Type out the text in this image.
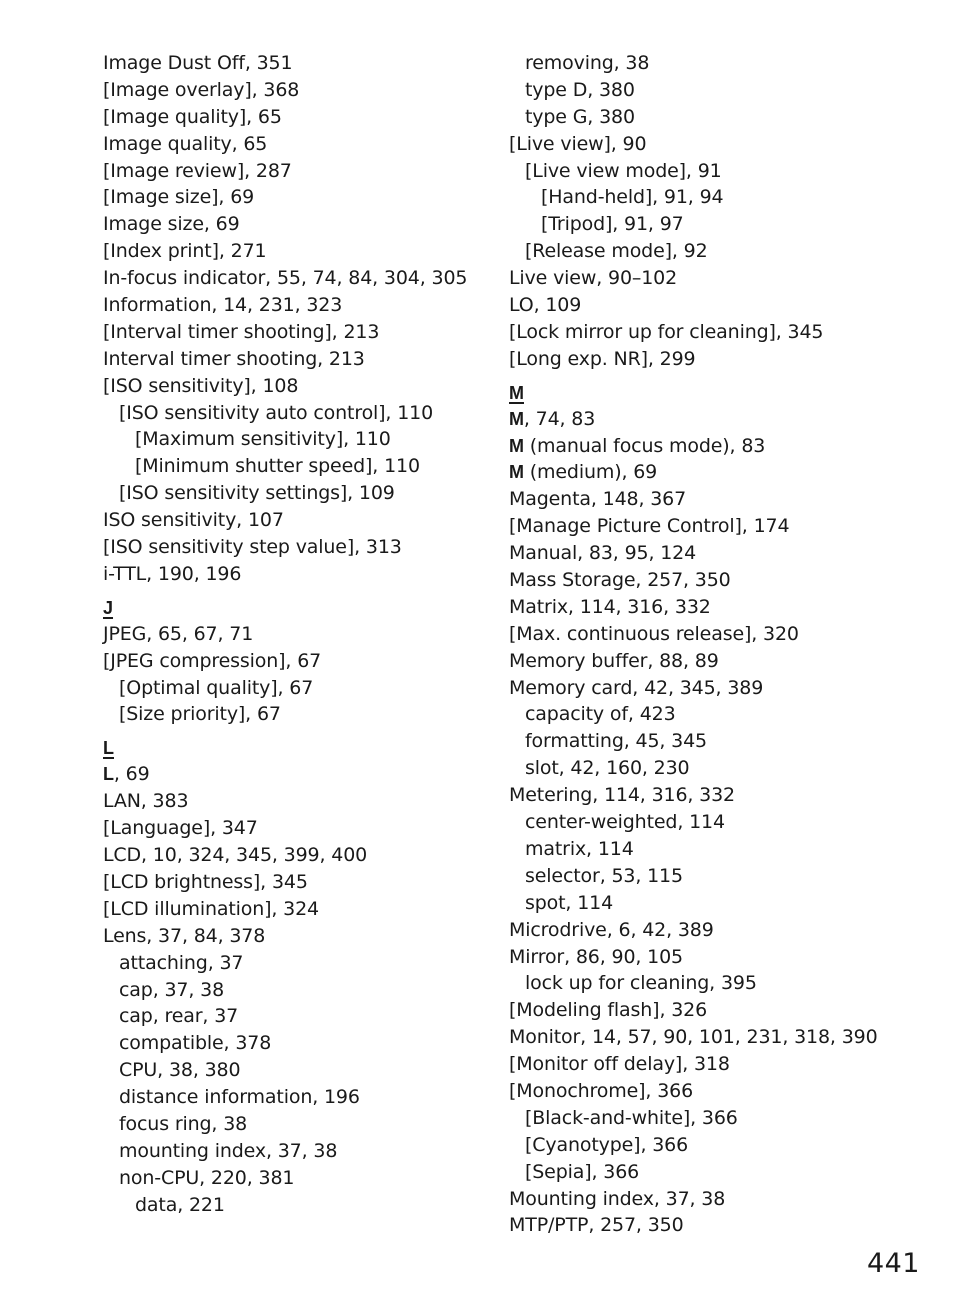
Image Dust Off, 351
[Image overlay], 368
[Image quality], 65
Image quality, 65
[Image review], 287
[Image size], 69
Image size, 69
[Index print], 271
In-focus indicator, 55, 74, 84, 304, 305
Information, 14, 231, 323
[Interval timer shooting], 213
Interval timer shooting, 213
[ISO sensitivity], 108
[ISO sensitivity auto control], 110
[Maximum sensitivity], 110
[Minimum shutter speed], 110
[ISO sensitivity settings], 109
ISO sensitivity, 107
[ISO sensitivity step value], 313
i-TTL, 190, 196
J
JPEG, 65, 67, 71
[JPEG compression], 67
[Optimal quality], 67
[Size priority], 67
L
L, 69
LAN, 383
[Language], 347
LCD, 10, 324, 345, 399, 400
[LCD brightness], 345
[LCD illumination], 324
Lens, 37, 84, 378
attaching, 37
cap, 37, 38
cap, rear, 37
compatible, 378
CPU, 38, 380
distance information, 196
focus ring, 38
mounting index, 37, 38
non-CPU, 220, 381
data, 221
removing, 38
type D, 380
type G, 380
[Live view], 90
[Live view mode], 91
[Hand-held], 91, 94
[Tripod], 91, 97
[Release mode], 92
Live view, 90–102
LO, 109
[Lock mirror up for cleaning], 345
[Long exp. NR], 299
M
M, 74, 83
M (manual focus mode), 83
M (medium), 69
Magenta, 148, 367
[Manage Picture Control], 174
Manual, 83, 95, 124
Mass Storage, 257, 350
Matrix, 114, 316, 332
[Max. continuous release], 320
Memory buffer, 88, 89
Memory card, 42, 345, 389
capacity of, 423
formatting, 45, 345
slot, 42, 160, 230
Metering, 114, 316, 332
center-weighted, 114
matrix, 114
selector, 53, 115
spot, 114
Microdrive, 6, 42, 389
Mirror, 86, 90, 105
lock up for cleaning, 395
[Modeling flash], 326
Monitor, 14, 57, 90, 101, 231, 318, 390
[Monitor off delay], 318
[Monochrome], 366
[Black-and-white], 366
[Cyanotype], 366
[Sepia], 366
Mounting index, 37, 38
MTP/PTP, 257, 350
441
